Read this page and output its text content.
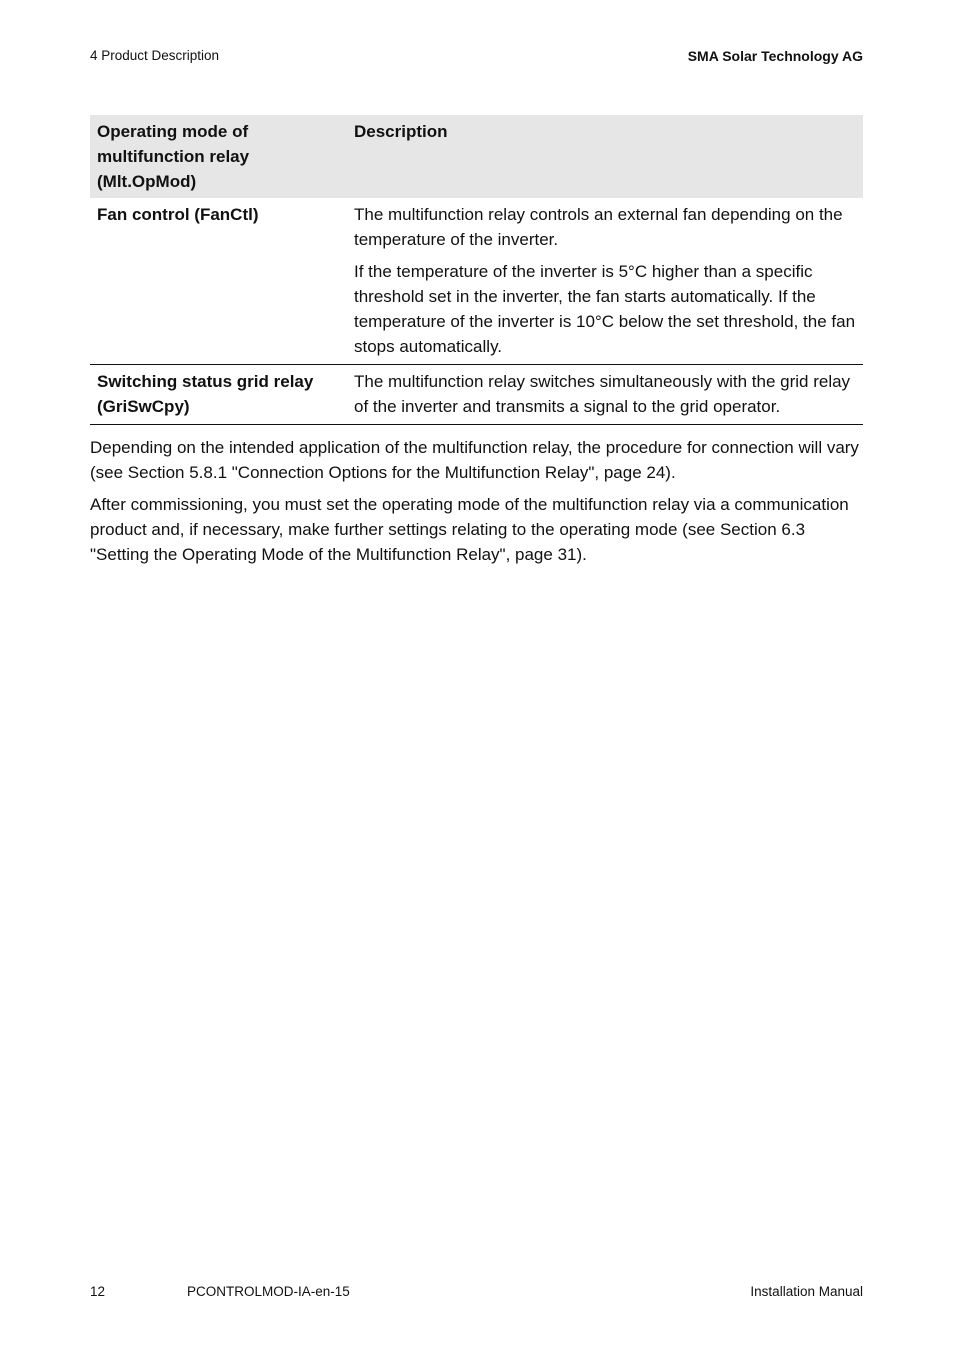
4 Product Description	SMA Solar Technology AG
Operating mode of multifunction relay (Mlt.OpMod)	Description
Fan control (FanCtl)	The multifunction relay controls an external fan depending on the temperature of the inverter.

If the temperature of the inverter is 5°C higher than a specific threshold set in the inverter, the fan starts automatically. If the temperature of the inverter is 10°C below the set threshold, the fan stops automatically.

Switching status grid relay (GriSwCpy)	The multifunction relay switches simultaneously with the grid relay of the inverter and transmits a signal to the grid operator.

Depending on the intended application of the multifunction relay, the procedure for connection will vary (see Section 5.8.1 "Connection Options for the Multifunction Relay", page 24).

After commissioning, you must set the operating mode of the multifunction relay via a communication product and, if necessary, make further settings relating to the operating mode (see Section 6.3 "Setting the Operating Mode of the Multifunction Relay", page 31).

12	PCONTROLMOD-IA-en-15	Installation Manual
